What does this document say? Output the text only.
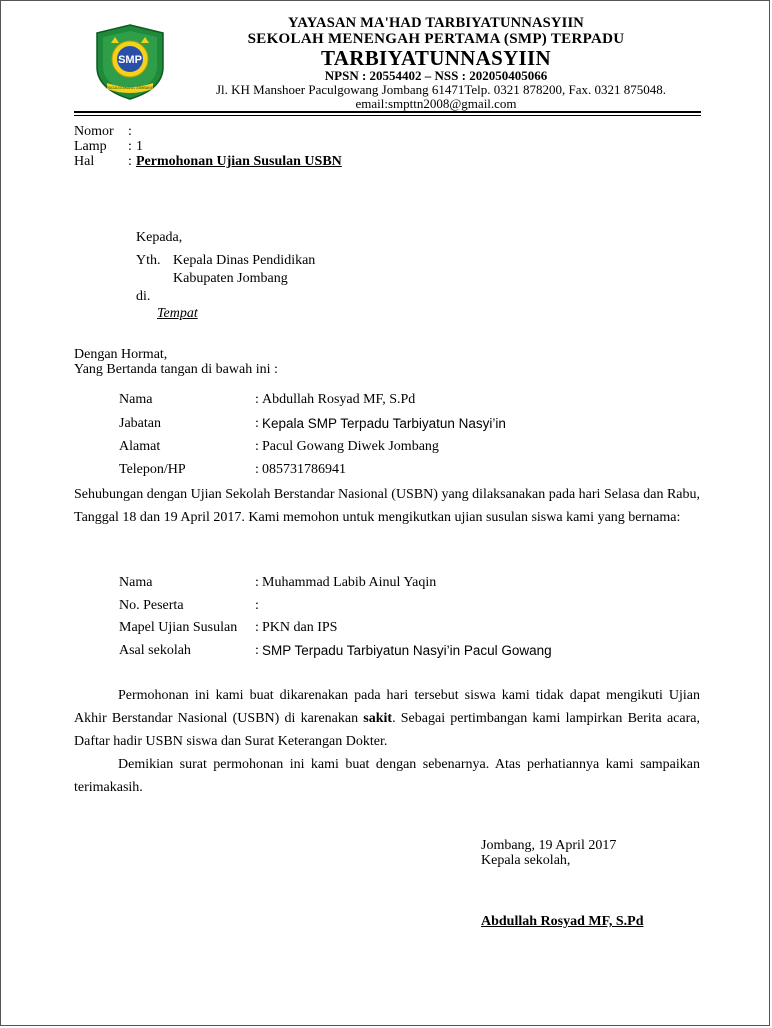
SMP
PACULGOWANG JOMBANG
YAYASAN MA'HAD TARBIYATUNNASYIIN
SEKOLAH MENENGAH PERTAMA (SMP) TERPADU
TARBIYATUNNASYIIN
NPSN : 20554402 – NSS : 202050405066
Jl. KH Manshoer Paculgowang Jombang 61471Telp. 0321 878200, Fax. 0321 875048.
email:smpttn2008@gmail.com
Nomor :
Lamp : 1
Hal : Permohonan Ujian Susulan USBN
Kepada,
Yth. Kepala Dinas Pendidikan
Kabupaten Jombang
di.
Tempat
Dengan Hormat,
Yang Bertanda tangan di bawah ini :
Nama	: Abdullah Rosyad MF, S.Pd
Jabatan	: Kepala SMP Terpadu Tarbiyatun Nasyi’in
Alamat	: Pacul Gowang Diwek Jombang
Telepon/HP	: 085731786941
Sehubungan dengan Ujian Sekolah Berstandar Nasional (USBN) yang dilaksanakan pada hari Selasa dan Rabu, Tanggal 18 dan 19 April 2017. Kami memohon untuk mengikutkan ujian susulan siswa kami yang bernama:
Nama	: Muhammad Labib Ainul Yaqin
No. Peserta	:
Mapel Ujian Susulan : PKN dan IPS
Asal sekolah	: SMP Terpadu Tarbiyatun Nasyi’in Pacul Gowang
Permohonan ini kami buat dikarenakan pada hari tersebut siswa kami tidak dapat mengikuti Ujian Akhir Berstandar Nasional (USBN) di karenakan sakit. Sebagai pertimbangan kami lampirkan Berita acara, Daftar hadir USBN siswa dan Surat Keterangan Dokter.
Demikian surat permohonan ini kami buat dengan sebenarnya. Atas perhatiannya kami sampaikan terimakasih.
Jombang, 19 April 2017
Kepala sekolah,
Abdullah Rosyad MF, S.Pd
